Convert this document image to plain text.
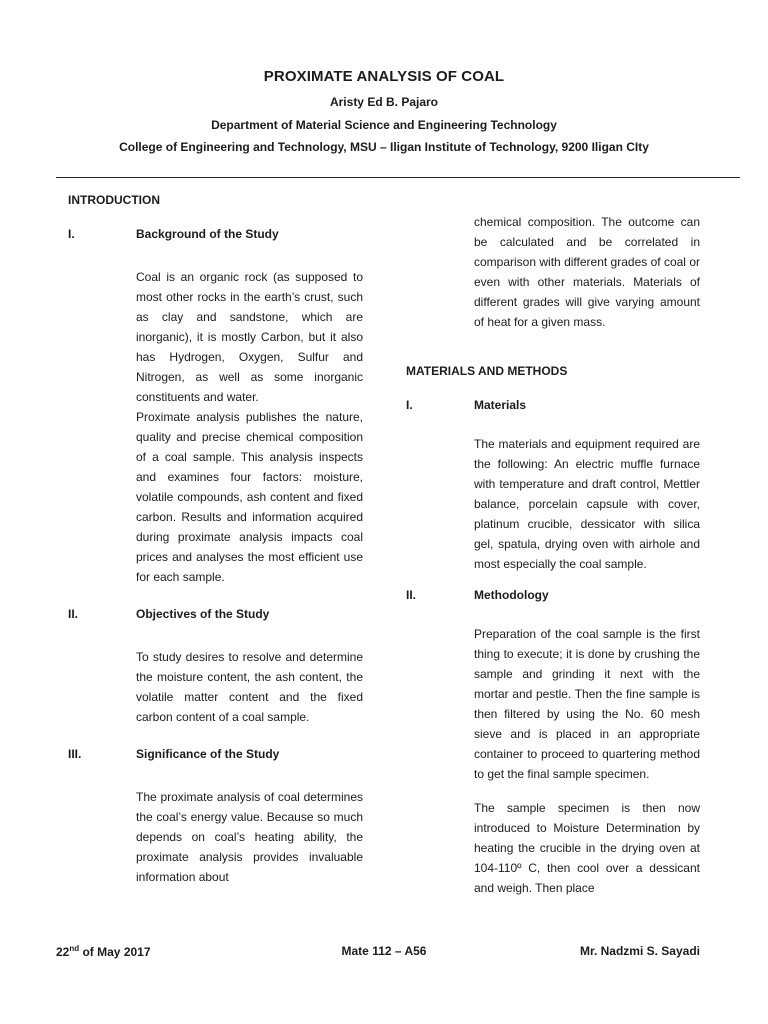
PROXIMATE ANALYSIS OF COAL
Aristy Ed B. Pajaro
Department of Material Science and Engineering Technology
College of Engineering and Technology, MSU – Iligan Institute of Technology, 9200 Iligan CIty
INTRODUCTION
I.	Background of the Study

Coal is an organic rock (as supposed to most other rocks in the earth’s crust, such as clay and sandstone, which are inorganic), it is mostly Carbon, but it also has Hydrogen, Oxygen, Sulfur and Nitrogen, as well as some inorganic constituents and water.

Proximate analysis publishes the nature, quality and precise chemical composition of a coal sample. This analysis inspects and examines four factors: moisture, volatile compounds, ash content and fixed carbon. Results and information acquired during proximate analysis impacts coal prices and analyses the most efficient use for each sample.

II.	Objectives of the Study

To study desires to resolve and determine the moisture content, the ash content, the volatile matter content and the fixed carbon content of a coal sample.

III.	Significance of the Study

The proximate analysis of coal determines the coal’s energy value. Because so much depends on coal’s heating ability, the proximate analysis provides invaluable information about

chemical composition. The outcome can be calculated and be correlated in comparison with different grades of coal or even with other materials. Materials of different grades will give varying amount of heat for a given mass.

MATERIALS AND METHODS
I.	Materials

The materials and equipment required are the following: An electric muffle furnace with temperature and draft control, Mettler balance, porcelain capsule with cover, platinum crucible, dessicator with silica gel, spatula, drying oven with airhole and most especially the coal sample.

II.	Methodology

Preparation of the coal sample is the first thing to execute; it is done by crushing the sample and grinding it next with the mortar and pestle. Then the fine sample is then filtered by using the No. 60 mesh sieve and is placed in an appropriate container to proceed to quartering method to get the final sample specimen.

The sample specimen is then now introduced to Moisture Determination by heating the crucible in the drying oven at 104-110º C, then cool over a dessicant and weigh. Then place

22nd of May 2017	Mate 112 – A56	Mr. Nadzmi S. Sayadi
